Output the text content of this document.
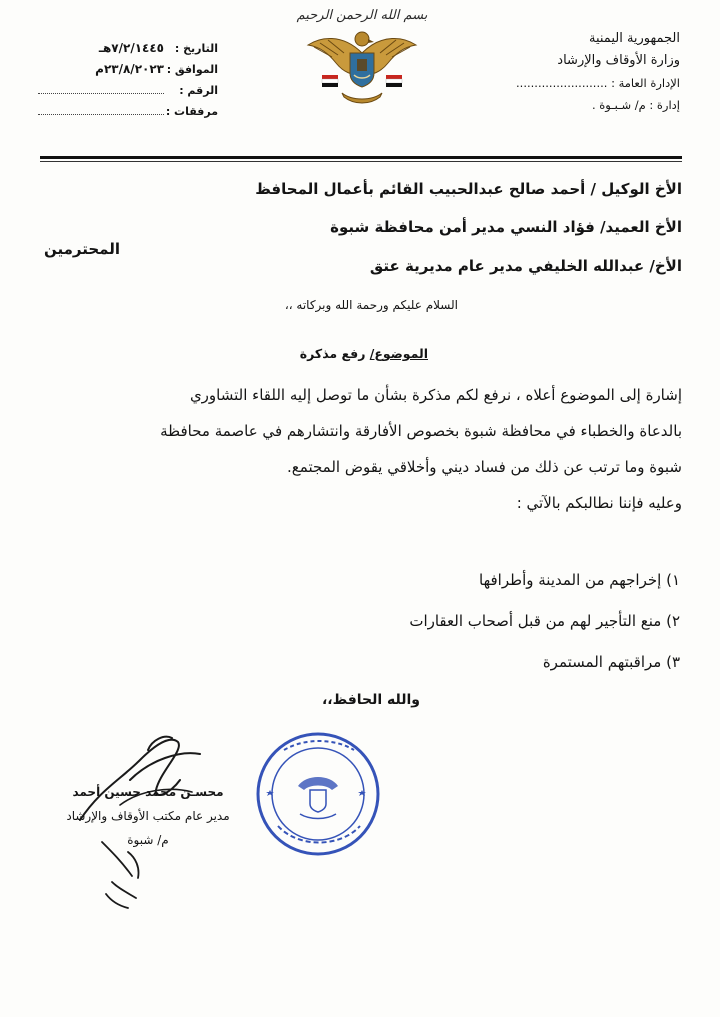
الجمهورية اليمنية
وزارة الأوقاف والإرشاد
الإدارة العامة : .........................
إدارة : م/ شـبـوة .
بسم الله الرحمن الرحيم
التاريخ :
٧/٢/١٤٤٥هـ
الموافق :
٢٣/٨/٢٠٢٣م
الرقم :
مرفقات :
الأخ الوكيل / أحمد صالح عبدالحبيب القائم بأعمال المحافظ
الأخ العميد/ فؤاد النسي مدير أمن محافظة شبوة
الأخ/ عبدالله الخليفي مدير عام مديرية عتق
المحترمين
السلام عليكم ورحمة الله وبركاته ،،
الموضوع/ رفع مذكرة
إشارة إلى الموضوع أعلاه ، نرفع لكم مذكرة بشأن ما توصل إليه اللقاء التشاوري
بالدعاة والخطباء في محافظة شبوة بخصوص الأفارقة وانتشارهم في عاصمة محافظة
شبوة وما ترتب عن ذلك من فساد ديني وأخلاقي يقوض المجتمع.
وعليه فإننا نطالبكم بالآتي :
١) إخراجهم من المدينة وأطرافها
٢) منع التأجير لهم من قبل أصحاب العقارات
٣) مراقبتهم المستمرة
والله الحافظ،،
محسـن محمد حسين أحمد
مدير عام مكتب الأوقاف والإرشاد
م/ شبوة
